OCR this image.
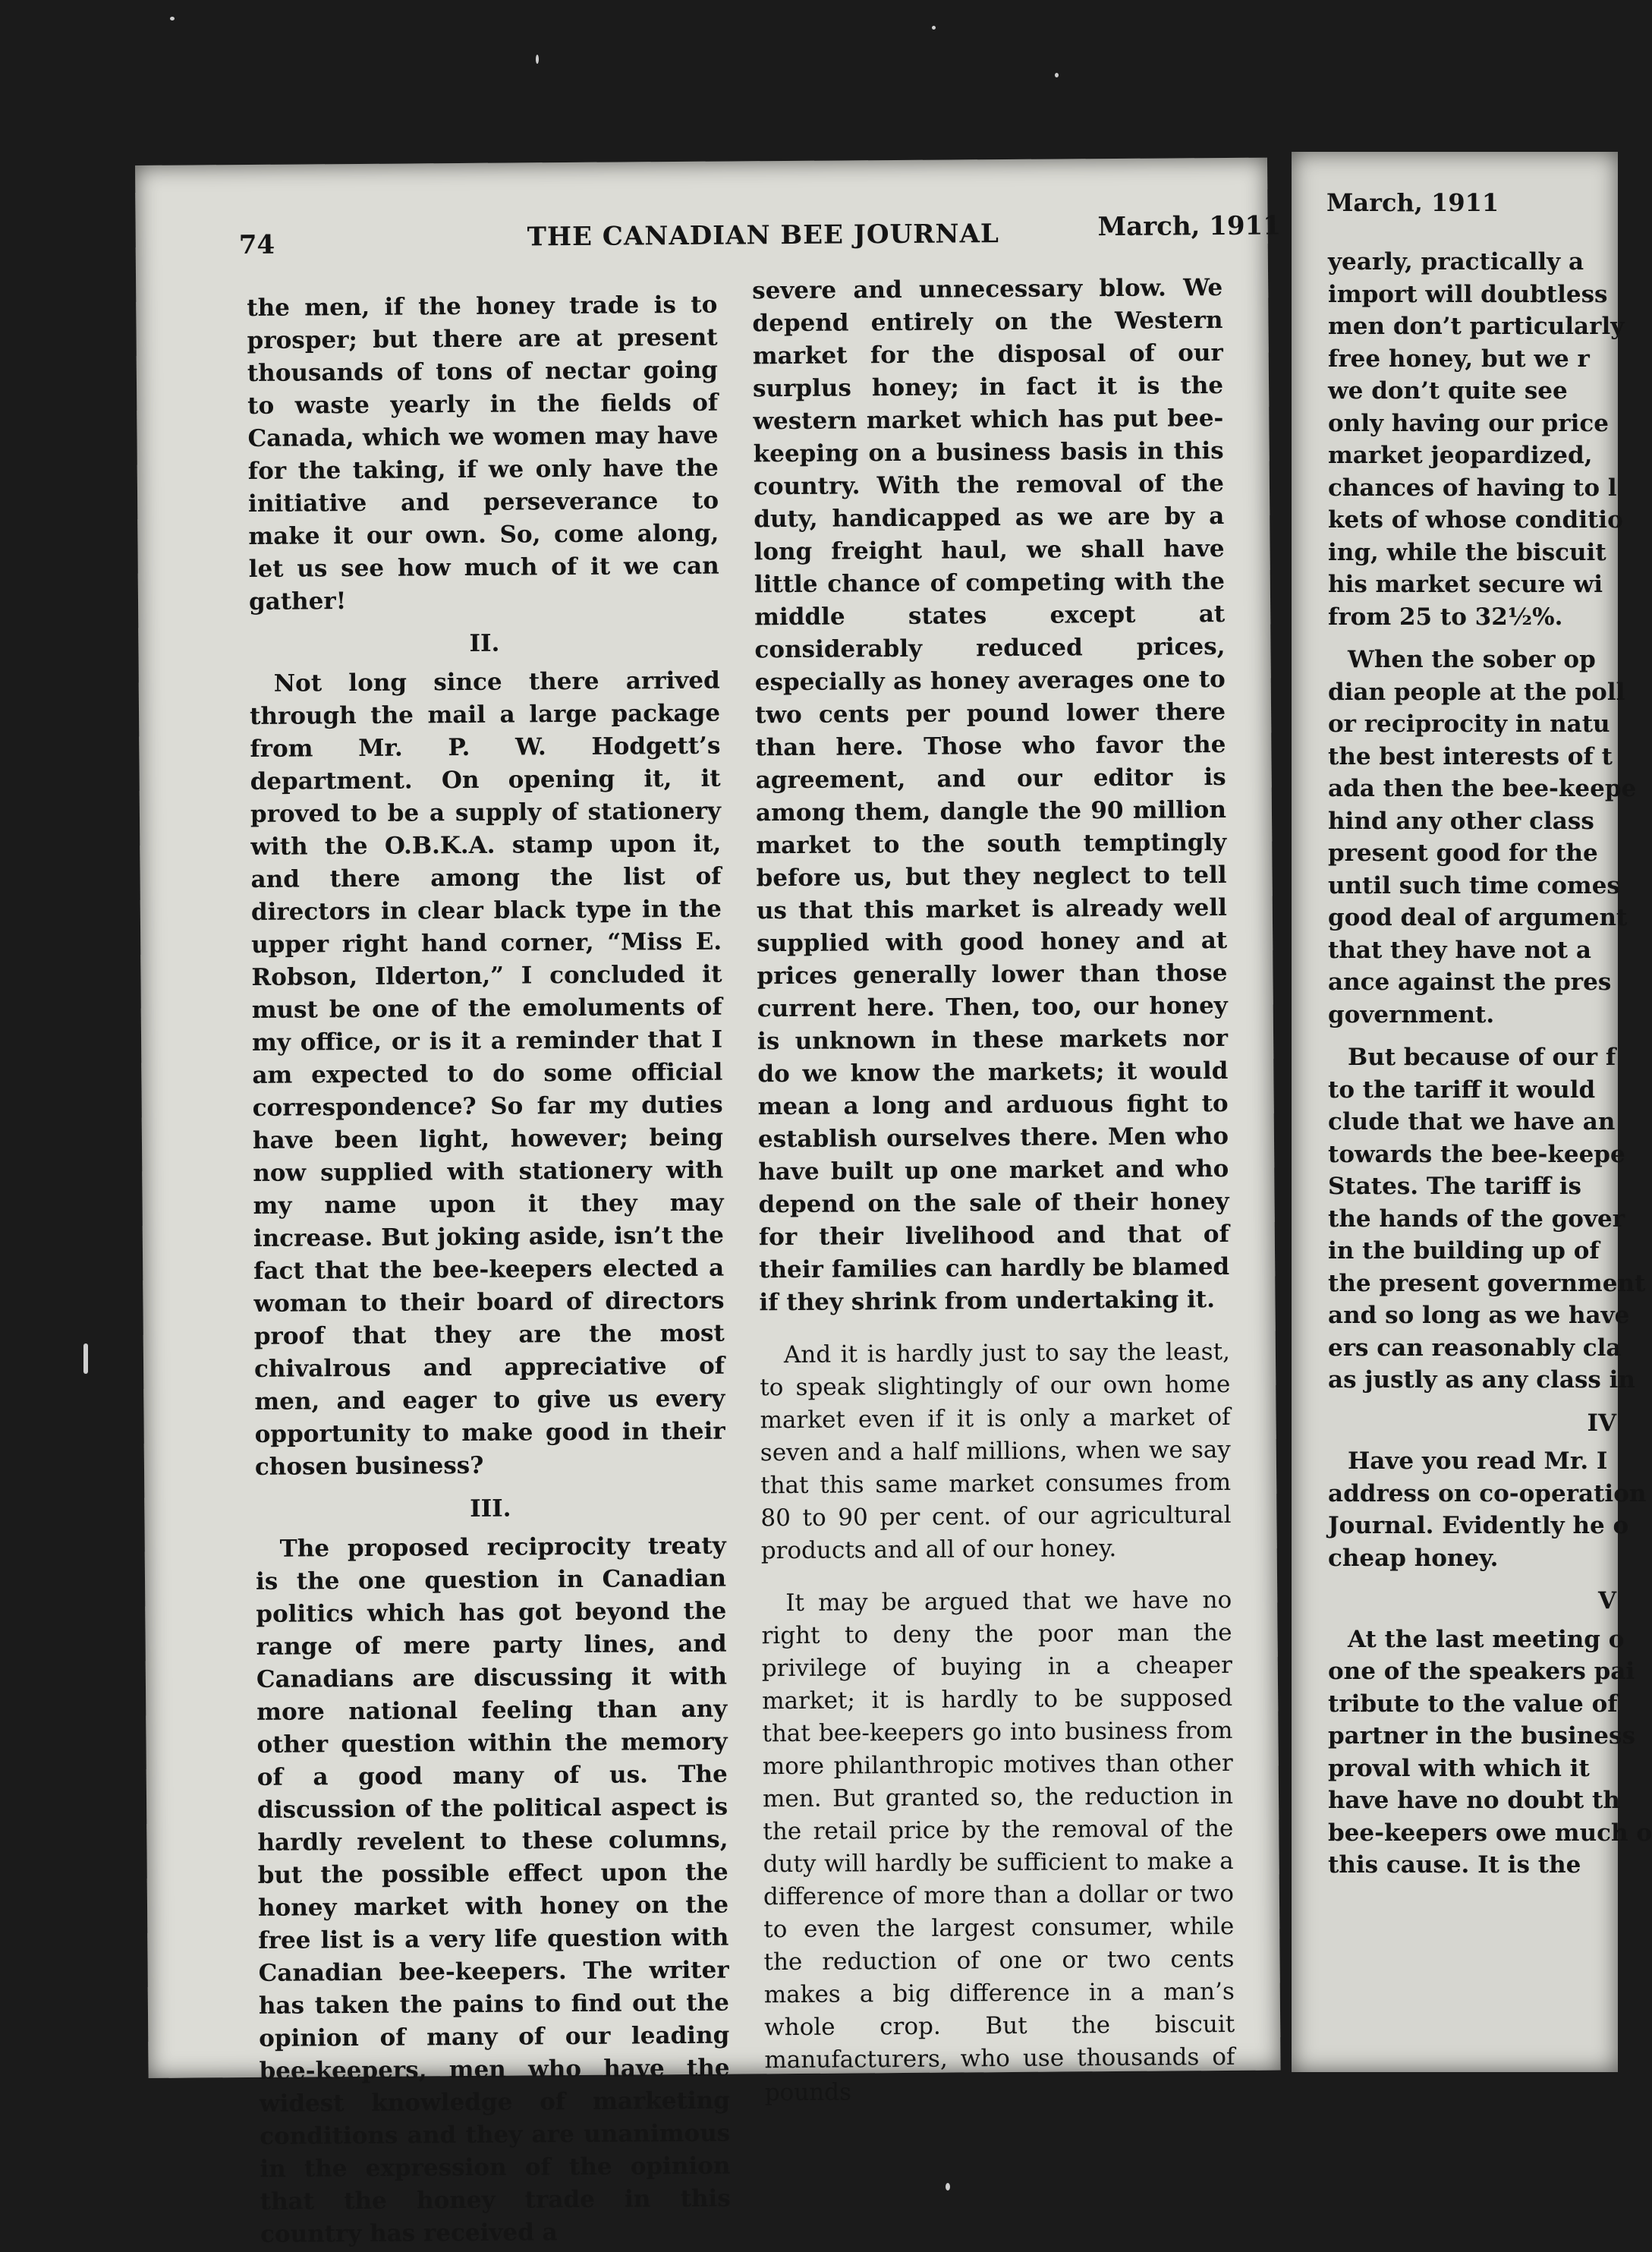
74	THE CANADIAN BEE JOURNAL	March, 1911

the men, if the honey trade is to prosper; but there are at present thousands of tons of nectar going to waste yearly in the fields of Canada, which we women may have for the taking, if we only have the initiative and perseverance to make it our own. So, come along, let us see how much of it we can gather!

II.

Not long since there arrived through the mail a large package from Mr. P. W. Hodgett’s department. On opening it, it proved to be a supply of stationery with the O.B.K.A. stamp upon it, and there among the list of directors in clear black type in the upper right hand corner, “Miss E. Robson, Ilderton,” I concluded it must be one of the emoluments of my office, or is it a reminder that I am expected to do some official correspondence? So far my duties have been light, however; being now supplied with stationery with my name upon it they may increase. But joking aside, isn’t the fact that the bee-keepers elected a woman to their board of directors proof that they are the most chivalrous and appreciative of men, and eager to give us every opportunity to make good in their chosen business?

III.

The proposed reciprocity treaty is the one question in Canadian politics which has got beyond the range of mere party lines, and Canadians are discussing it with more national feeling than any other question within the memory of a good many of us. The discussion of the political aspect is hardly revelent to these columns, but the possible effect upon the honey market with honey on the free list is a very life question with Canadian bee-keepers. The writer has taken the pains to find out the opinion of many of our leading bee-keepers, men who have the widest knowledge of marketing conditions and they are unanimous in the expression of the opinion that the honey trade in this country has received a

severe and unnecessary blow. We depend entirely on the Western market for the disposal of our surplus honey; in fact it is the western market which has put bee-keeping on a business basis in this country. With the removal of the duty, handicapped as we are by a long freight haul, we shall have little chance of competing with the middle states except at considerably reduced prices, especially as honey averages one to two cents per pound lower there than here. Those who favor the agreement, and our editor is among them, dangle the 90 million market to the south temptingly before us, but they neglect to tell us that this market is already well supplied with good honey and at prices generally lower than those current here. Then, too, our honey is unknown in these markets nor do we know the markets; it would mean a long and arduous fight to establish ourselves there. Men who have built up one market and who depend on the sale of their honey for their livelihood and that of their families can hardly be blamed if they shrink from undertaking it.

And it is hardly just to say the least, to speak slightingly of our own home market even if it is only a market of seven and a half millions, when we say that this same market consumes from 80 to 90 per cent. of our agricultural products and all of our honey.

It may be argued that we have no right to deny the poor man the privilege of buying in a cheaper market; it is hardly to be supposed that bee-keepers go into business from more philanthropic motives than other men. But granted so, the reduction in the retail price by the removal of the duty will hardly be sufficient to make a difference of more than a dollar or two to even the largest consumer, while the reduction of one or two cents makes a big difference in a man’s whole crop. But the biscuit manufacturers, who use thousands of pounds

March, 1911

yearly, practically a

import will doubtless

men don’t particularly

free honey, but we r

we don’t quite see

only having our price

market jeopardized,

chances of having to l

kets of whose conditio

ing, while the biscuit

his market secure wi

from 25 to 32½%.

When the sober op

dian people at the poll

or reciprocity in natu

the best interests of t

ada then the bee-keepe

hind any other class

present good for the

until such time comes

good deal of argument

that they have not a

ance against the pres

government.

But because of our f

to the tariff it would

clude that we have an

towards the bee-keepe

States. The tariff is

the hands of the gover

in the building up of

the present government

and so long as we have

ers can reasonably cla

as justly as any class in

IV

Have you read Mr. I

address on co-operation

Journal. Evidently he o

cheap honey.

V

At the last meeting o

one of the speakers pai

tribute to the value of

partner in the business

proval with which it

have have no doubt th

bee-keepers owe much o

this cause. It is the
